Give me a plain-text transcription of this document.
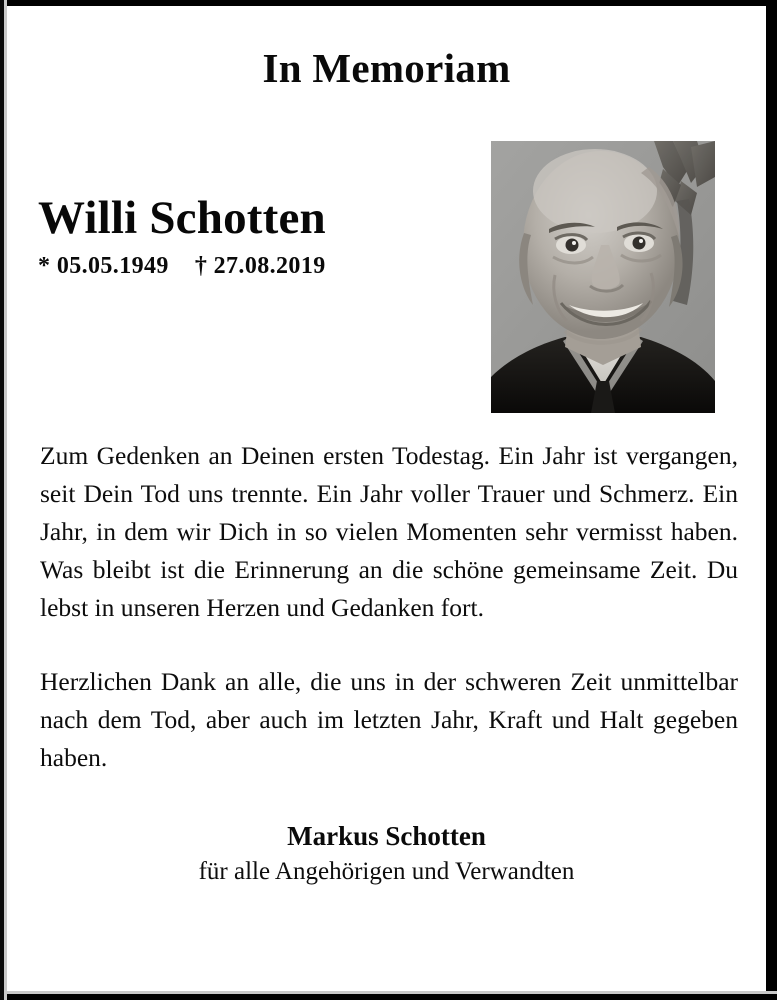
In Memoriam
Willi Schotten
* 05.05.1949 † 27.08.2019

Zum Gedenken an Deinen ersten Todestag. Ein Jahr ist vergangen, seit Dein Tod uns trennte. Ein Jahr voller Trauer und Schmerz. Ein Jahr, in dem wir Dich in so vielen Momenten sehr vermisst haben. Was bleibt ist die Erinnerung an die schöne gemeinsame Zeit. Du lebst in unseren Herzen und Gedanken fort.

Herzlichen Dank an alle, die uns in der schweren Zeit unmittelbar nach dem Tod, aber auch im letzten Jahr, Kraft und Halt gegeben haben.

Markus Schotten
für alle Angehörigen und Verwandten
